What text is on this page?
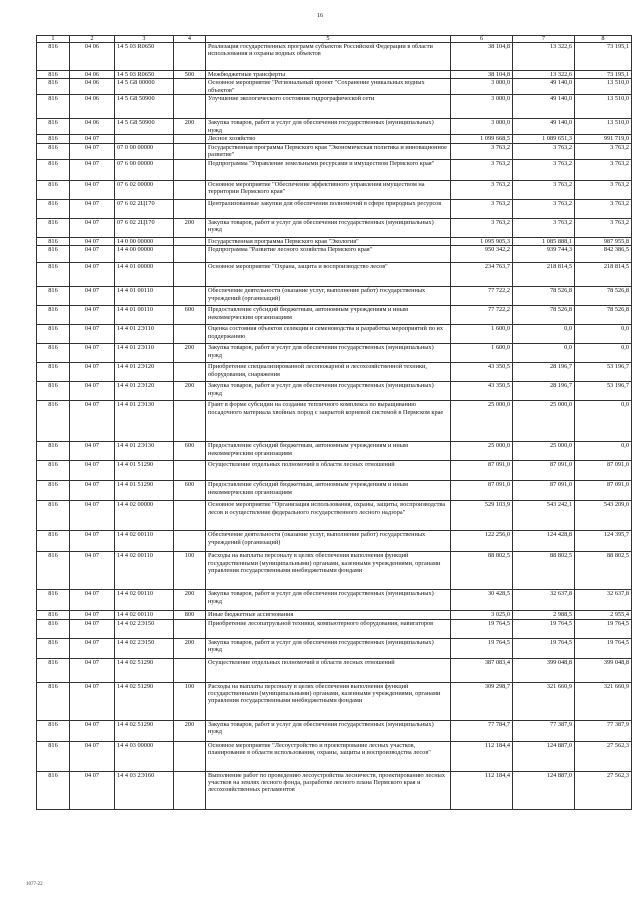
16
1	2	3	4	5	6	7	8
816	04 06	14 5 03 R0650		Реализация государственных программ субъектов Российской Федерации в области использования и охраны водных объектов	38 104,8	13 322,6	73 195,1
816	04 06	14 5 03 R0650	500	Межбюджетные трансферты	38 104,8	13 322,6	73 195,1
816	04 06	14 5 G8 00000		Основное мероприятие "Региональный проект "Сохранение уникальных водных объектов"	3 000,0	49 140,0	13 510,0
816	04 06	14 5 G8 50900		Улучшение экологического состояния гидрографической сети	3 000,0	49 140,0	13 510,0
816	04 06	14 5 G8 50900	200	Закупка товаров, работ и услуг для обеспечения государственных (муниципальных) нужд	3 000,0	49 140,0	13 510,0
816	04 07			Лесное хозяйство	1 099 668,5	1 089 651,3	991 719,0
816	04 07	07 0 00 00000		Государственная программа Пермского края "Экономическая политика и инновационное развитие"	3 763,2	3 763,2	3 763,2
816	04 07	07 6 00 00000		Подпрограмма "Управление земельными ресурсами и имуществом Пермского края"	3 763,2	3 763,2	3 763,2
816	04 07	07 6 02 00000		Основное мероприятие "Обеспечение эффективного управления имуществом на территории Пермского края"	3 763,2	3 763,2	3 763,2
816	04 07	07 6 02 2Ц170		Централизованные закупки для обеспечения полномочий в сфере природных ресурсов	3 763,2	3 763,2	3 763,2
816	04 07	07 6 02 2Ц170	200	Закупка товаров, работ и услуг для обеспечения государственных (муниципальных) нужд	3 763,2	3 763,2	3 763,2
816	04 07	14 0 00 00000		Государственная программа Пермского края "Экология"	1 095 905,3	1 085 888,1	987 955,8
816	04 07	14 4 00 00000		Подпрограмма "Развитие лесного хозяйства Пермского края"	950 342,2	939 744,3	842 386,5
816	04 07	14 4 01 00000		Основное мероприятие "Охрана, защита и воспроизводство лесов"	234 763,7	218 814,5	218 814,5
816	04 07	14 4 01 00110		Обеспечение деятельности (оказание услуг, выполнение работ) государственных учреждений (организаций)	77 722,2	78 526,8	78 526,8
816	04 07	14 4 01 00110	600	Предоставление субсидий бюджетным, автономным учреждениям и иным некоммерческим организациям	77 722,2	78 526,8	78 526,8
816	04 07	14 4 01 2Э110		Оценка состояния объектов селекции и семеноводства и разработка мероприятий по их поддержанию	1 600,0	0,0	0,0
816	04 07	14 4 01 2Э110	200	Закупка товаров, работ и услуг для обеспечения государственных (муниципальных) нужд	1 600,0	0,0	0,0
816	04 07	14 4 01 2Э120		Приобретение специализированной лесопожарной и лесохозяйственной техники, оборудования, снаряжения	43 350,5	28 196,7	53 196,7
816	04 07	14 4 01 2Э120	200	Закупка товаров, работ и услуг для обеспечения государственных (муниципальных) нужд	43 350,5	28 196,7	53 196,7
816	04 07	14 4 01 2Э130		Грант в форме субсидии на создание тепличного комплекса по выращиванию посадочного материала хвойных пород с закрытой корневой системой в Пермском крае	25 000,0	25 000,0	0,0
816	04 07	14 4 01 2Э130	600	Предоставление субсидий бюджетным, автономным учреждениям и иным некоммерческим организациям	25 000,0	25 000,0	0,0
816	04 07	14 4 01 51290		Осуществление отдельных полномочий в области лесных отношений	87 091,0	87 091,0	87 091,0
816	04 07	14 4 01 51290	600	Предоставление субсидий бюджетным, автономным учреждениям и иным некоммерческим организациям	87 091,0	87 091,0	87 091,0
816	04 07	14 4 02 00000		Основное мероприятие "Организация использования, охраны, защиты, воспроизводства лесов и осуществление федерального государственного лесного надзора"	529 103,9	543 242,1	543 209,0
816	04 07	14 4 02 00110		Обеспечение деятельности (оказание услуг, выполнение работ) государственных учреждений (организаций)	122 256,0	124 428,8	124 395,7
816	04 07	14 4 02 00110	100	Расходы на выплаты персоналу в целях обеспечения выполнения функций государственными (муниципальными) органами, казенными учреждениями, органами управления государственными внебюджетными фондами	88 802,5	88 802,5	88 802,5
816	04 07	14 4 02 00110	200	Закупка товаров, работ и услуг для обеспечения государственных (муниципальных) нужд	30 428,5	32 637,8	32 637,8
816	04 07	14 4 02 00110	800	Иные бюджетные ассигнования	3 025,0	2 988,5	2 955,4
816	04 07	14 4 02 2Э150		Приобретение лесопатрульной техники, компьютерного оборудования, навигаторов	19 764,5	19 764,5	19 764,5
816	04 07	14 4 02 2Э150	200	Закупка товаров, работ и услуг для обеспечения государственных (муниципальных) нужд	19 764,5	19 764,5	19 764,5
816	04 07	14 4 02 51290		Осуществление отдельных полномочий в области лесных отношений	387 083,4	399 048,8	399 048,8
816	04 07	14 4 02 51290	100	Расходы на выплаты персоналу в целях обеспечения выполнения функций государственными (муниципальными) органами, казенными учреждениями, органами управления государственными внебюджетными фондами	309 298,7	321 660,9	321 660,9
816	04 07	14 4 02 51290	200	Закупка товаров, работ и услуг для обеспечения государственных (муниципальных) нужд	77 784,7	77 387,9	77 387,9
816	04 07	14 4 03 00000		Основное мероприятие "Лесоустройство и проектирование лесных участков, планирование в области использования, охраны, защиты и воспроизводства лесов"	112 184,4	124 887,0	27 562,3
816	04 07	14 4 03 2Э160		Выполнение работ по проведению лесоустройства лесничеств, проектированию лесных участков на землях лесного фонда, разработке лесного плана Пермского края и лесохозяйственных регламентов	112 184,4	124 887,0	27 562,3
1077-22
